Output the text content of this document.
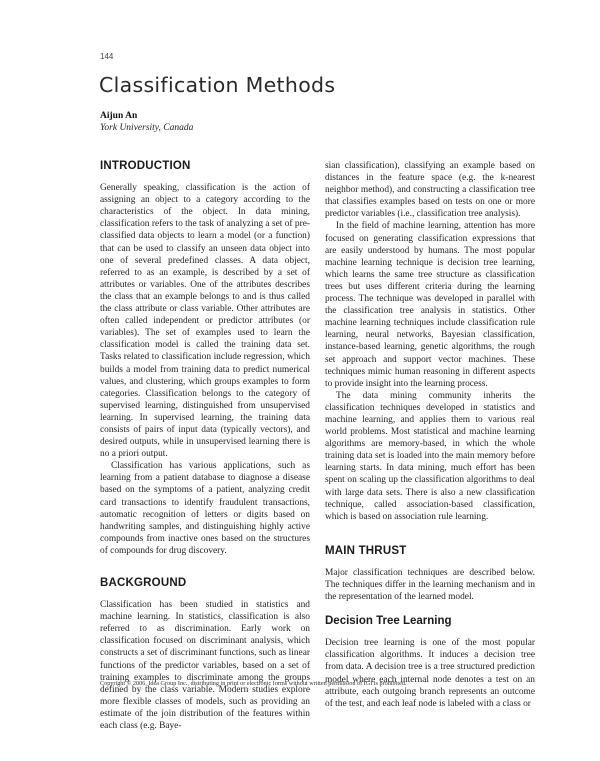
144
Classification Methods
Aijun An
York University, Canada
INTRODUCTION

Generally speaking, classification is the action of assigning an object to a category according to the characteristics of the object. In data mining, classification refers to the task of analyzing a set of pre-classified data objects to learn a model (or a function) that can be used to classify an unseen data object into one of several predefined classes. A data object, referred to as an example, is described by a set of attributes or variables. One of the attributes describes the class that an example belongs to and is thus called the class attribute or class variable. Other attributes are often called independent or predictor attributes (or variables). The set of examples used to learn the classification model is called the training data set. Tasks related to classification include regression, which builds a model from training data to predict numerical values, and clustering, which groups examples to form categories. Classification belongs to the category of supervised learning, distinguished from unsupervised learning. In supervised learning, the training data consists of pairs of input data (typically vectors), and desired outputs, while in unsupervised learning there is no a priori output.

Classification has various applications, such as learning from a patient database to diagnose a disease based on the symptoms of a patient, analyzing credit card transactions to identify fraudulent transactions, automatic recognition of letters or digits based on handwriting samples, and distinguishing highly active compounds from inactive ones based on the structures of compounds for drug discovery.

BACKGROUND

Classification has been studied in statistics and machine learning. In statistics, classification is also referred to as discrimination. Early work on classification focused on discriminant analysis, which constructs a set of discriminant functions, such as linear functions of the predictor variables, based on a set of training examples to discriminate among the groups defined by the class variable. Modern studies explore more flexible classes of models, such as providing an estimate of the join distribution of the features within each class (e.g. Baye-

sian classification), classifying an example based on distances in the feature space (e.g. the k-nearest neighbor method), and constructing a classification tree that classifies examples based on tests on one or more predictor variables (i.e., classification tree analysis).

In the field of machine learning, attention has more focused on generating classification expressions that are easily understood by humans. The most popular machine learning technique is decision tree learning, which learns the same tree structure as classification trees but uses different criteria during the learning process. The technique was developed in parallel with the classification tree analysis in statistics. Other machine learning techniques include classification rule learning, neural networks, Bayesian classification, instance-based learning, genetic algorithms, the rough set approach and support vector machines. These techniques mimic human reasoning in different aspects to provide insight into the learning process.

The data mining community inherits the classification techniques developed in statistics and machine learning, and applies them to various real world problems. Most statistical and machine learning algorithms are memory-based, in which the whole training data set is loaded into the main memory before learning starts. In data mining, much effort has been spent on scaling up the classification algorithms to deal with large data sets. There is also a new classification technique, called association-based classification, which is based on association rule learning.

MAIN THRUST

Major classification techniques are described below. The techniques differ in the learning mechanism and in the representation of the learned model.

Decision Tree Learning

Decision tree learning is one of the most popular classification algorithms. It induces a decision tree from data. A decision tree is a tree structured prediction model where each internal node denotes a test on an attribute, each outgoing branch represents an outcome of the test, and each leaf node is labeled with a class or

Copyright © 2006, Idea Group Inc., distributing in print or electronic forms without written permission of IGI is prohibited.
